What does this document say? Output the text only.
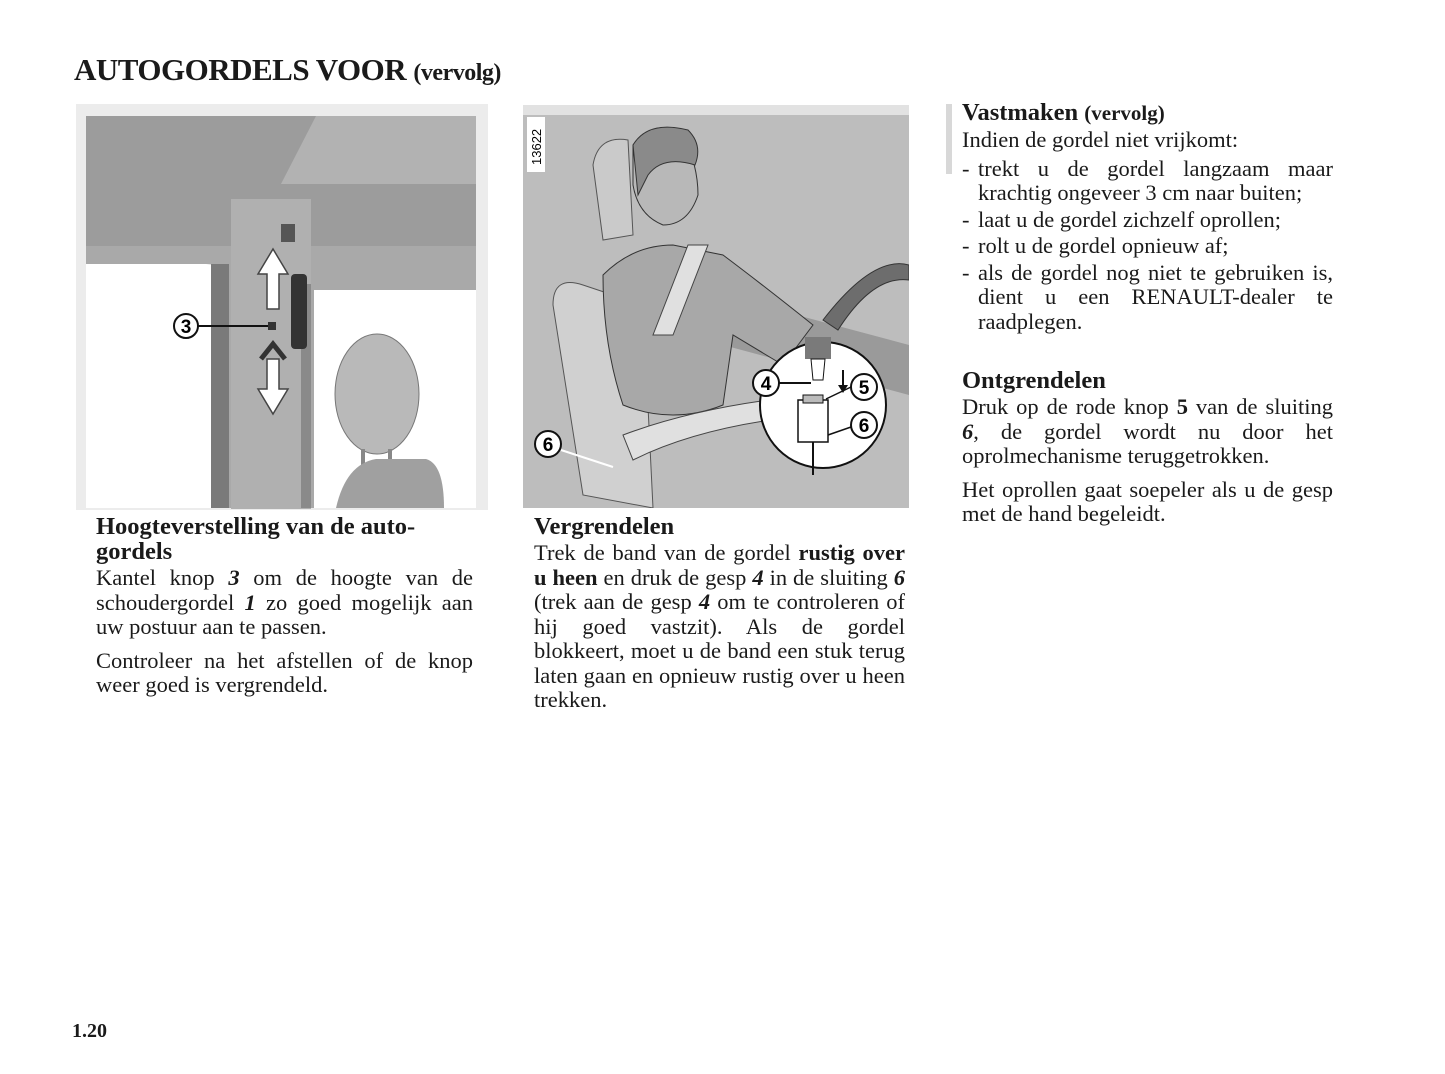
AUTOGORDELS VOOR (vervolg)
3
13622
4	5
6
6
Hoogteverstelling van de auto-
gordels

Kantel knop 3 om de hoogte van de schoudergordel 1 zo goed mogelijk aan uw postuur aan te passen.

Controleer na het afstellen of de knop weer goed is vergrendeld.

Vergrendelen

Trek de band van de gordel rustig over u heen en druk de gesp 4 in de sluiting 6 (trek aan de gesp 4 om te controleren of hij goed vastzit). Als de gordel blokkeert, moet u de band een stuk terug laten gaan en opnieuw rustig over u heen trekken.

Vastmaken (vervolg)
Indien de gordel niet vrijkomt:
- trekt u de gordel langzaam maar krachtig ongeveer 3 cm naar buiten;
- laat u de gordel zichzelf oprollen;
- rolt u de gordel opnieuw af;
- als de gordel nog niet te gebruiken is, dient u een RENAULT-dealer te raadplegen.
Ontgrendelen

Druk op de rode knop 5 van de sluiting 6, de gordel wordt nu door het oprolmechanisme teruggetrokken.

Het oprollen gaat soepeler als u de gesp met de hand begeleidt.

1.20
